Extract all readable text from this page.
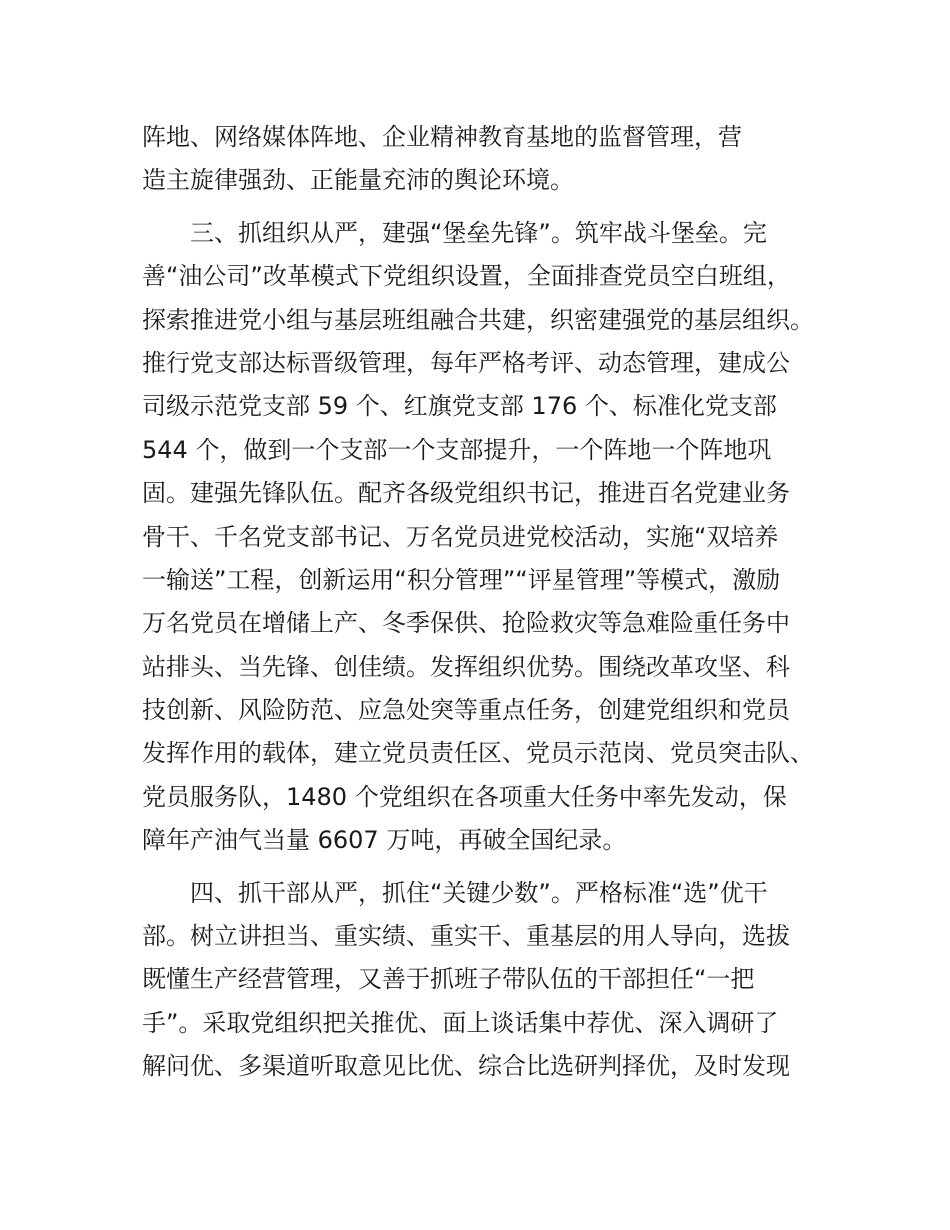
阵地、网络媒体阵地、企业精神教育基地的监督管理，营
造主旋律强劲、正能量充沛的舆论环境。

三、抓组织从严，建强“堡垒先锋”。筑牢战斗堡垒。完
善“油公司”改革模式下党组织设置，全面排查党员空白班组，
探索推进党小组与基层班组融合共建，织密建强党的基层组织。
推行党支部达标晋级管理，每年严格考评、动态管理，建成公
司级示范党支部 59 个、红旗党支部 176 个、标准化党支部
544 个，做到一个支部一个支部提升，一个阵地一个阵地巩
固。建强先锋队伍。配齐各级党组织书记，推进百名党建业务
骨干、千名党支部书记、万名党员进党校活动，实施“双培养
一输送”工程，创新运用“积分管理”“评星管理”等模式，激励
万名党员在增储上产、冬季保供、抢险救灾等急难险重任务中
站排头、当先锋、创佳绩。发挥组织优势。围绕改革攻坚、科
技创新、风险防范、应急处突等重点任务，创建党组织和党员
发挥作用的载体，建立党员责任区、党员示范岗、党员突击队、
党员服务队，1480 个党组织在各项重大任务中率先发动，保
障年产油气当量 6607 万吨，再破全国纪录。

四、抓干部从严，抓住“关键少数”。严格标准“选”优干
部。树立讲担当、重实绩、重实干、重基层的用人导向，选拔
既懂生产经营管理，又善于抓班子带队伍的干部担任“一把
手”。采取党组织把关推优、面上谈话集中荐优、深入调研了
解问优、多渠道听取意见比优、综合比选研判择优，及时发现
